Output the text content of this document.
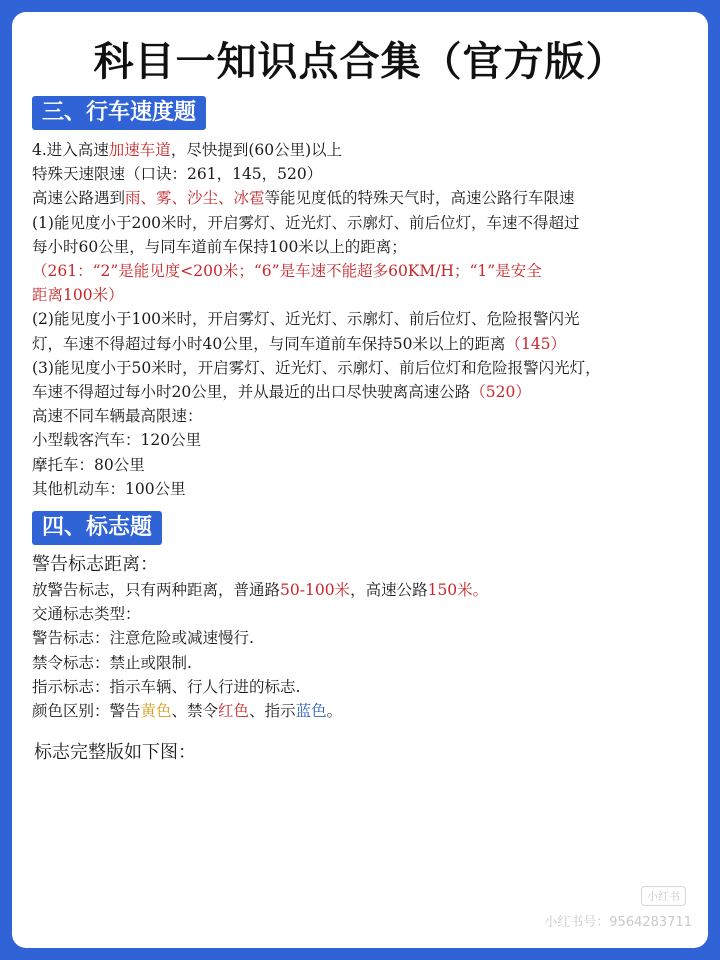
科目一知识点合集（官方版）
三、行车速度题
4.进入高速加速车道，尽快提到(60公里)以上
特殊天速限速（口诀：261，145，520）
高速公路遇到雨、雾、沙尘、冰雹等能见度低的特殊天气时，高速公路行车限速
(1)能见度小于200米时，开启雾灯、近光灯、示廓灯、前后位灯，车速不得超过
每小时60公里，与同车道前车保持100米以上的距离；
（261：“2”是能见度<200米；“6”是车速不能超多60KM/H；“1”是安全
距离100米）
(2)能见度小于100米时，开启雾灯、近光灯、示廓灯、前后位灯、危险报警闪光
灯，车速不得超过每小时40公里，与同车道前车保持50米以上的距离（145）
(3)能见度小于50米时，开启雾灯、近光灯、示廓灯、前后位灯和危险报警闪光灯，
车速不得超过每小时20公里，并从最近的出口尽快驶离高速公路（520）
高速不同车辆最高限速：
小型载客汽车：120公里
摩托车：80公里
其他机动车：100公里
四、标志题
警告标志距离：
放警告标志，只有两种距离，普通路50-100米，高速公路150米。
交通标志类型：
警告标志：注意危险或减速慢行.
禁令标志：禁止或限制.
指示标志：指示车辆、行人行进的标志.
颜色区别：警告黄色、禁令红色、指示蓝色。
标志完整版如下图：
小红书
小红书号：9564283711
